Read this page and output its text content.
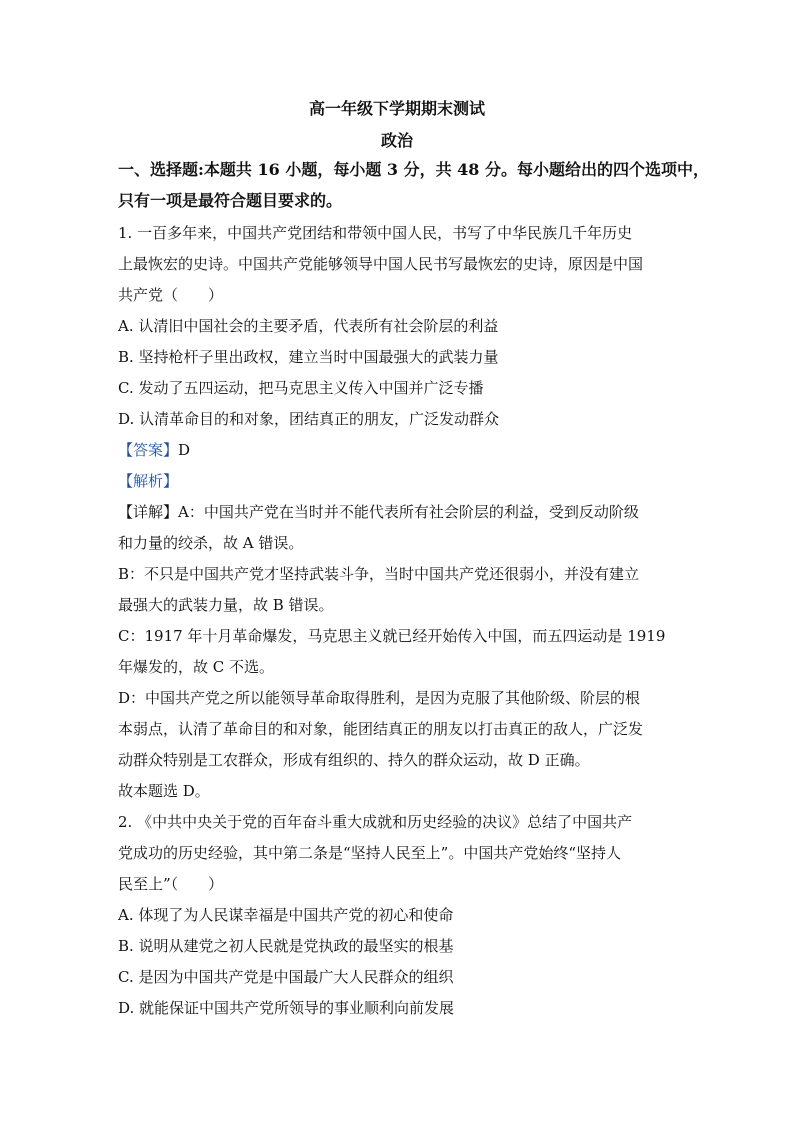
高一年级下学期期末测试
政治
一、选择题:本题共 16 小题，每小题 3 分，共 48 分。每小题给出的四个选项中，
只有一项是最符合题目要求的。
1. 一百多年来，中国共产党团结和带领中国人民，书写了中华民族几千年历史
上最恢宏的史诗。中国共产党能够领导中国人民书写最恢宏的史诗，原因是中国
共产党（　　）
A. 认清旧中国社会的主要矛盾，代表所有社会阶层的利益
B. 坚持枪杆子里出政权，建立当时中国最强大的武装力量
C. 发动了五四运动，把马克思主义传入中国并广泛专播
D. 认清革命目的和对象，团结真正的朋友，广泛发动群众
【答案】D
【解析】
【详解】A：中国共产党在当时并不能代表所有社会阶层的利益，受到反动阶级
和力量的绞杀，故 A 错误。
B：不只是中国共产党才坚持武装斗争，当时中国共产党还很弱小，并没有建立
最强大的武装力量，故 B 错误。
C：1917 年十月革命爆发，马克思主义就已经开始传入中国，而五四运动是 1919
年爆发的，故 C 不选。
D：中国共产党之所以能领导革命取得胜利，是因为克服了其他阶级、阶层的根
本弱点，认清了革命目的和对象，能团结真正的朋友以打击真正的敌人，广泛发
动群众特别是工农群众，形成有组织的、持久的群众运动，故 D 正确。
故本题选 D。
2. 《中共中央关于党的百年奋斗重大成就和历史经验的决议》总结了中国共产
党成功的历史经验，其中第二条是“坚持人民至上”。中国共产党始终“坚持人
民至上”（　　）
A. 体现了为人民谋幸福是中国共产党的初心和使命
B. 说明从建党之初人民就是党执政的最坚实的根基
C. 是因为中国共产党是中国最广大人民群众的组织
D. 就能保证中国共产党所领导的事业顺利向前发展
